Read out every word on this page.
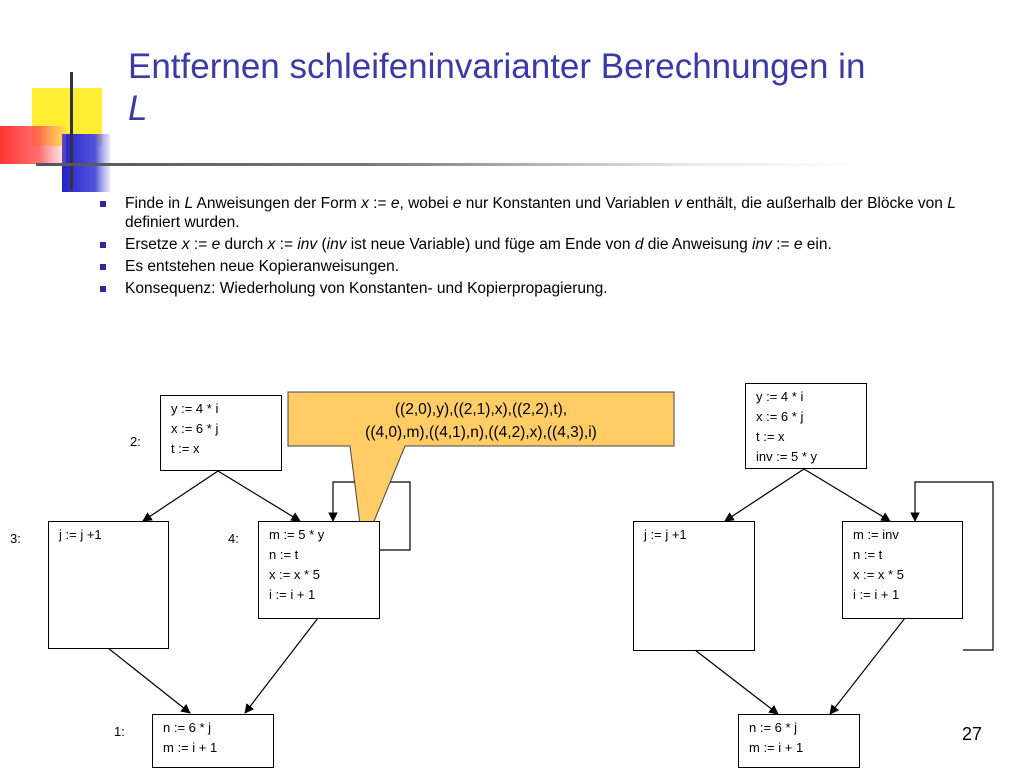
Entfernen schleifeninvarianter Berechnungen in
L
Finde in L Anweisungen der Form x := e, wobei e nur Konstanten und Variablen v enthält, die außerhalb der Blöcke von L definiert wurden.
Ersetze x := e durch x := inv (inv ist neue Variable) und füge am Ende von d die Anweisung inv := e ein.
Es entstehen neue Kopieranweisungen.
Konsequenz: Wiederholung von Konstanten- und Kopierpropagierung.
((2,0),y),((2,1),x),((2,2),t),
((4,0),m),((4,1),n),((4,2),x),((4,3),i)
2:
y := 4 * i
x := 6 * j
t := x
3:	j := j +1	4: m := 5 * y
n := t
x := x * 5
i := i + 1
1:	n := 6 * j
m := i + 1
y := 4 * i
x := 6 * j
t := x
inv := 5 * y
j := j +1	m := inv
n := t
x := x * 5
i := i + 1
n := 6 * j
m := i + 1
27
